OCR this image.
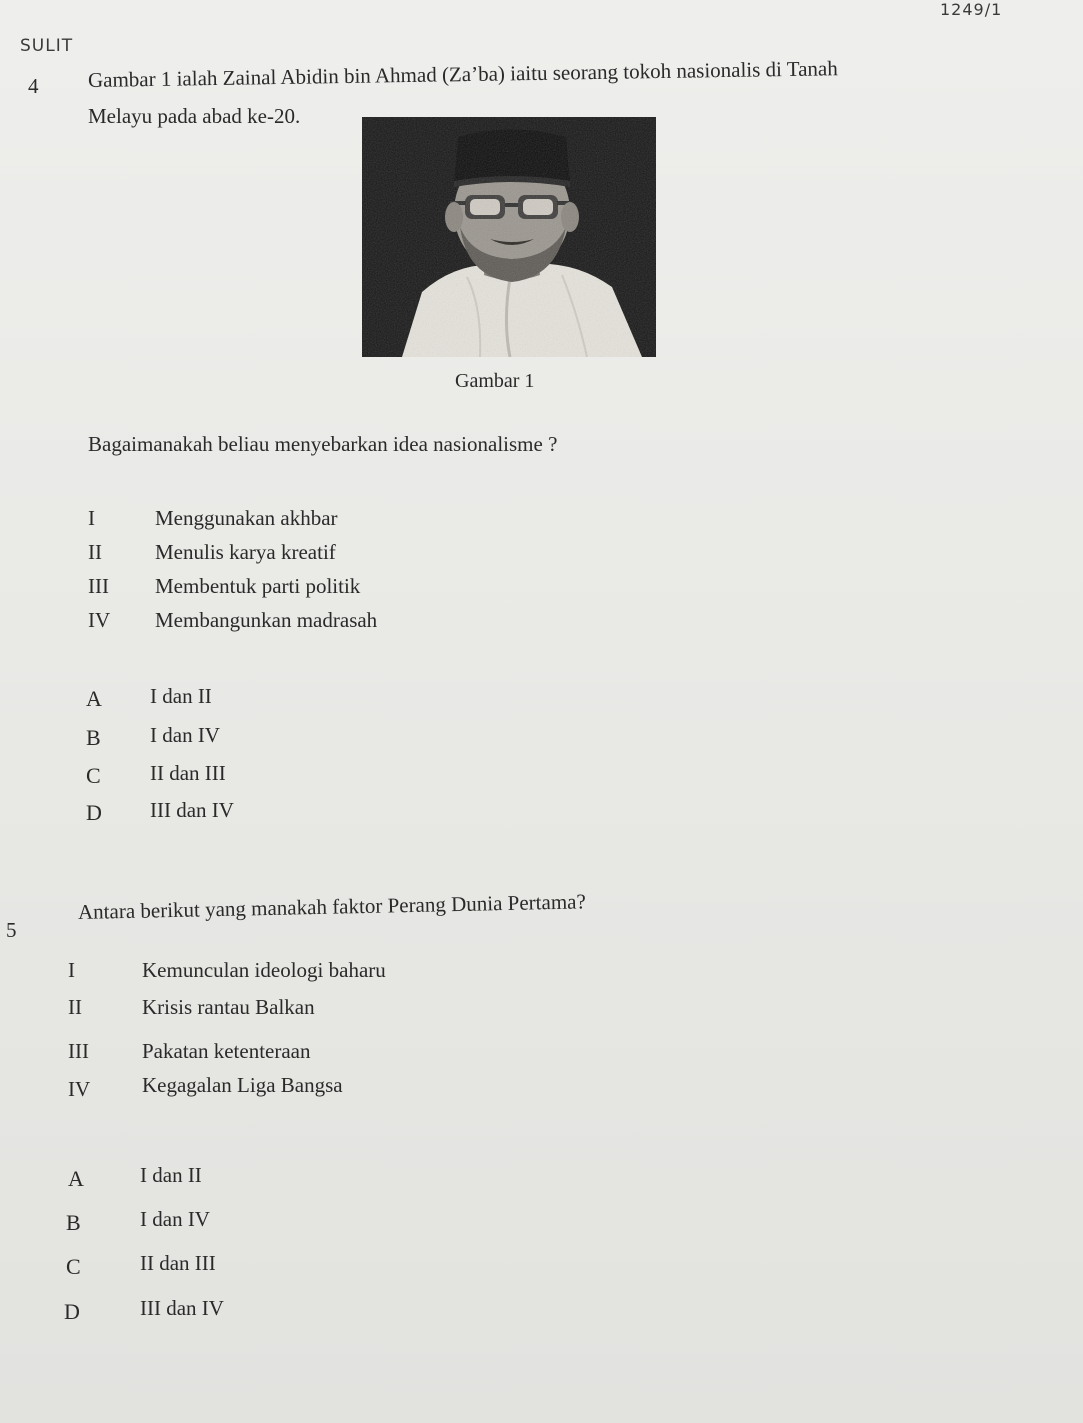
1249/1
SULIT
4 Gambar 1 ialah Zainal Abidin bin Ahmad (Za’ba) iaitu seorang tokoh nasionalis di Tanah
Melayu pada abad ke-20.
Gambar 1
Bagaimanakah beliau menyebarkan idea nasionalisme ?
I	Menggunakan akhbar
II	Menulis karya kreatif
III Membentuk parti politik
IV Membangunkan madrasah
A I dan II
B I dan IV
C II dan III
D III dan IV
5
Antara berikut yang manakah faktor Perang Dunia Pertama?
I	Kemunculan ideologi baharu
II	Krisis rantau Balkan
III	Pakatan ketenteraan
IV Kegagalan Liga Bangsa
A	I dan II
B	I dan IV
C	II dan III
D	III dan IV
